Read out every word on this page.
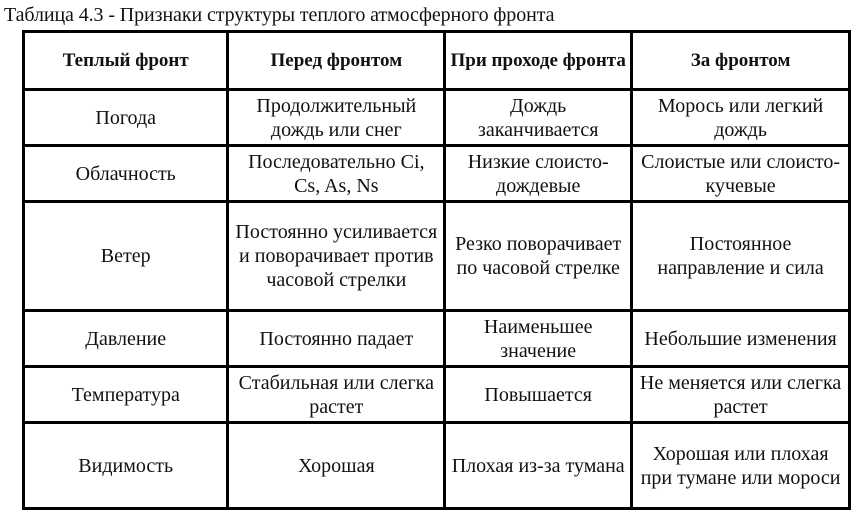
Таблица 4.3 - Признаки структуры теплого атмосферного фронта
Теплый фронт	Перед фронтом	При проходе фронта	За фронтом
Погода	Продолжительный дождь или снег	Дождь заканчивается	Морось или легкий дождь
Облачность	Последовательно Ci, Cs, As, Ns	Низкие слоисто-дождевые	Слоистые или слоисто-кучевые
Ветер	Постоянно усиливается и поворачивает против часовой стрелки	Резко поворачивает по часовой стрелке	Постоянное направление и сила
Давление	Постоянно падает	Наименьшее значение	Небольшие изменения
Температура	Стабильная или слегка растет	Повышается	Не меняется или слегка растет
Видимость	Хорошая	Плохая из-за тумана	Хорошая или плохая при тумане или мороси
